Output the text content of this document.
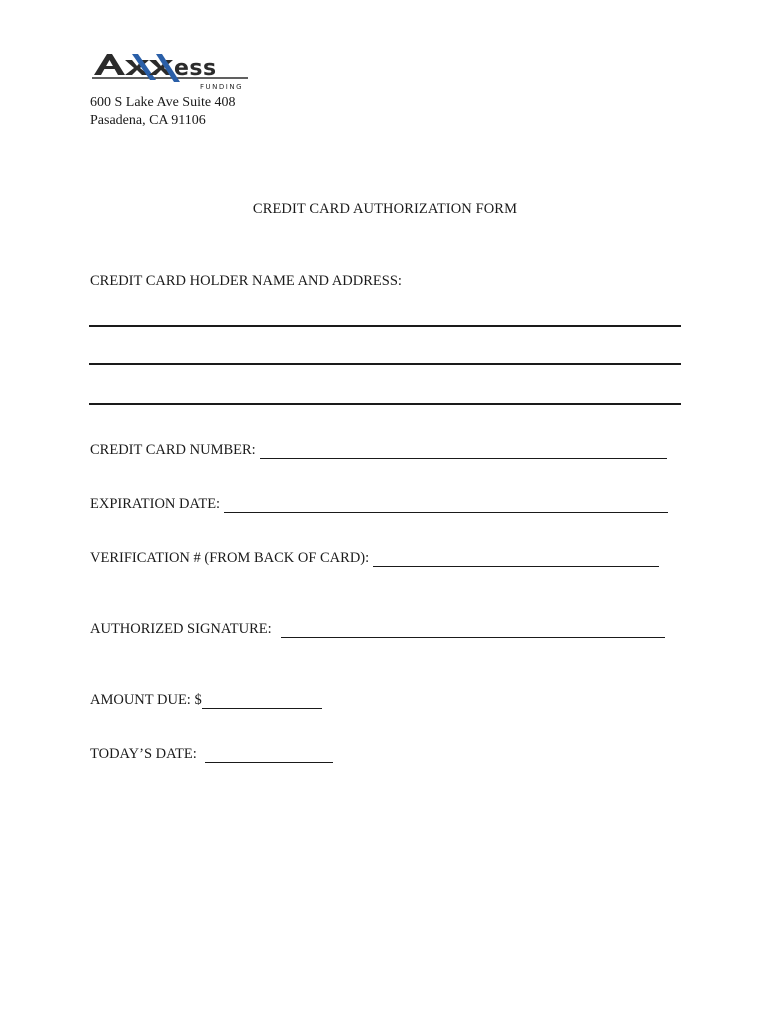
ess
FUNDING
600 S Lake Ave Suite 408
Pasadena, CA 91106
CREDIT CARD AUTHORIZATION FORM
CREDIT CARD HOLDER NAME AND ADDRESS:
CREDIT CARD NUMBER:
EXPIRATION DATE:
VERIFICATION # (FROM BACK OF CARD):
AUTHORIZED SIGNATURE:
AMOUNT DUE: $
TODAY’S DATE:
